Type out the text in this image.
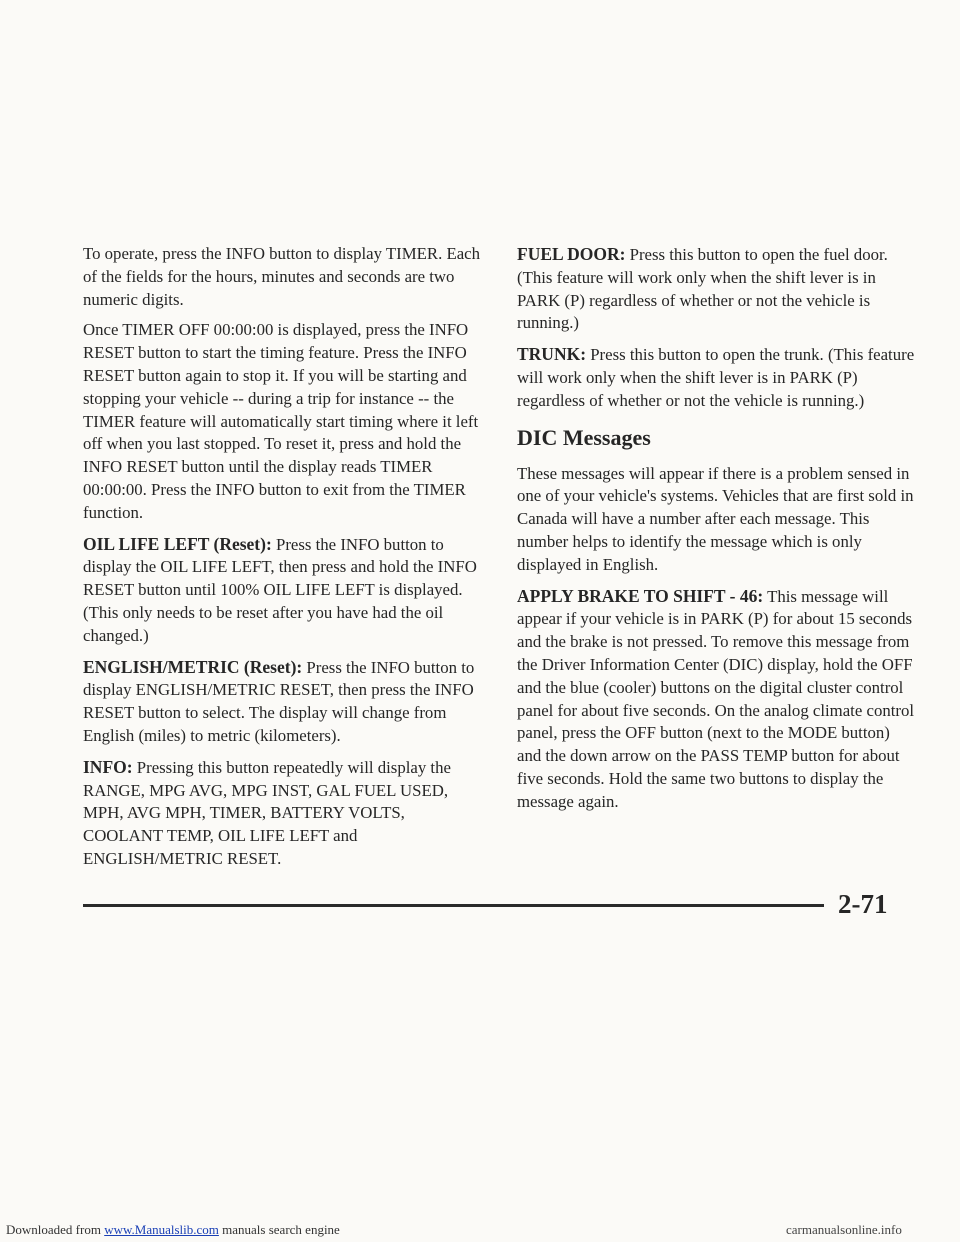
Downloaded from www.Manualslib.com manuals search engine

To operate, press the INFO button to display TIMER. Each of the fields for the hours, minutes and seconds are two numeric digits.

Once TIMER OFF 00:00:00 is displayed, press the INFO RESET button to start the timing feature. Press the INFO RESET button again to stop it. If you will be starting and stopping your vehicle -- during a trip for instance -- the TIMER feature will automatically start timing where it left off when you last stopped. To reset it, press and hold the INFO RESET button until the display reads TIMER 00:00:00. Press the INFO button to exit from the TIMER function.

OIL LIFE LEFT (Reset): Press the INFO button to display the OIL LIFE LEFT, then press and hold the INFO RESET button until 100% OIL LIFE LEFT is displayed. (This only needs to be reset after you have had the oil changed.)

ENGLISH/METRIC (Reset): Press the INFO button to display ENGLISH/METRIC RESET, then press the INFO RESET button to select. The display will change from English (miles) to metric (kilometers).

INFO: Pressing this button repeatedly will display the RANGE, MPG AVG, MPG INST, GAL FUEL USED, MPH, AVG MPH, TIMER, BATTERY VOLTS, COOLANT TEMP, OIL LIFE LEFT and ENGLISH/METRIC RESET.

FUEL DOOR: Press this button to open the fuel door. (This feature will work only when the shift lever is in PARK (P) regardless of whether or not the vehicle is running.)

TRUNK: Press this button to open the trunk. (This feature will work only when the shift lever is in PARK (P) regardless of whether or not the vehicle is running.)

DIC Messages

These messages will appear if there is a problem sensed in one of your vehicle's systems. Vehicles that are first sold in Canada will have a number after each message. This number helps to identify the message which is only displayed in English.

APPLY BRAKE TO SHIFT - 46: This message will appear if your vehicle is in PARK (P) for about 15 seconds and the brake is not pressed. To remove this message from the Driver Information Center (DIC) display, hold the OFF and the blue (cooler) buttons on the digital cluster control panel for about five seconds. On the analog climate control panel, press the OFF button (next to the MODE button) and the down arrow on the PASS TEMP button for about five seconds. Hold the same two buttons to display the message again.

2-71
carmanualsonline.info
